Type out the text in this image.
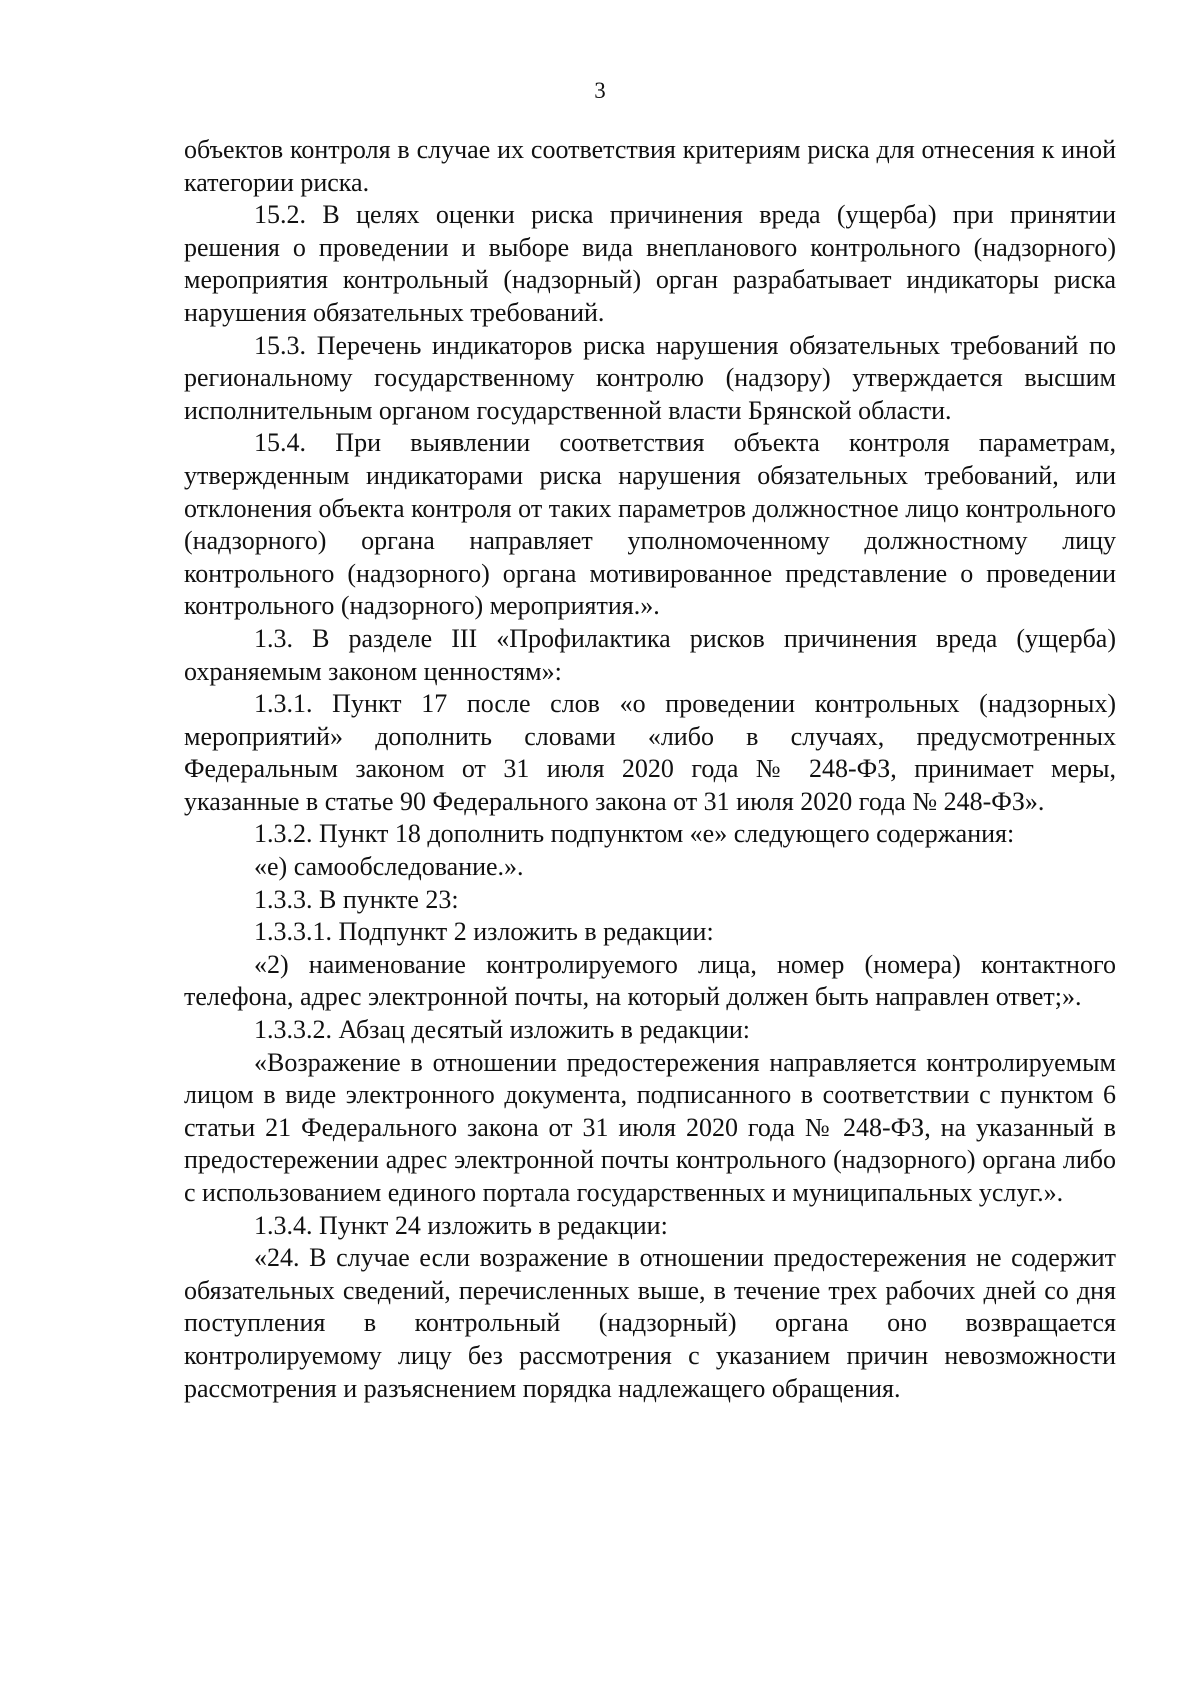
3

объектов контроля в случае их соответствия критериям риска для отнесения к иной категории риска.

15.2. В целях оценки риска причинения вреда (ущерба) при принятии решения о проведении и выборе вида внепланового контрольного (надзорного) мероприятия контрольный (надзорный) орган разрабатывает индикаторы риска нарушения обязательных требований.

15.3. Перечень индикаторов риска нарушения обязательных требований по региональному государственному контролю (надзору) утверждается высшим исполнительным органом государственной власти Брянской области.

15.4. При выявлении соответствия объекта контроля параметрам, утвержденным индикаторами риска нарушения обязательных требований, или отклонения объекта контроля от таких параметров должностное лицо контрольного (надзорного) органа направляет уполномоченному должностному лицу контрольного (надзорного) органа мотивированное представление о проведении контрольного (надзорного) мероприятия.».

1.3. В разделе III «Профилактика рисков причинения вреда (ущерба) охраняемым законом ценностям»:

1.3.1. Пункт 17 после слов «о проведении контрольных (надзорных) мероприятий» дополнить словами «либо в случаях, предусмотренных Федеральным законом от 31 июля 2020 года № 248-ФЗ, принимает меры, указанные в статье 90 Федерального закона от 31 июля 2020 года № 248-ФЗ».

1.3.2. Пункт 18 дополнить подпунктом «е» следующего содержания:

«е) самообследование.».

1.3.3. В пункте 23:

1.3.3.1. Подпункт 2 изложить в редакции:

«2) наименование контролируемого лица, номер (номера) контактного телефона, адрес электронной почты, на который должен быть направлен ответ;».

1.3.3.2. Абзац десятый изложить в редакции:

«Возражение в отношении предостережения направляется контролируемым лицом в виде электронного документа, подписанного в соответствии с пунктом 6 статьи 21 Федерального закона от 31 июля 2020 года № 248-ФЗ, на указанный в предостережении адрес электронной почты контрольного (надзорного) органа либо с использованием единого портала государственных и муниципальных услуг.».

1.3.4. Пункт 24 изложить в редакции:

«24. В случае если возражение в отношении предостережения не содержит обязательных сведений, перечисленных выше, в течение трех рабочих дней со дня поступления в контрольный (надзорный) органа оно возвращается контролируемому лицу без рассмотрения с указанием причин невозможности рассмотрения и разъяснением порядка надлежащего обращения.
